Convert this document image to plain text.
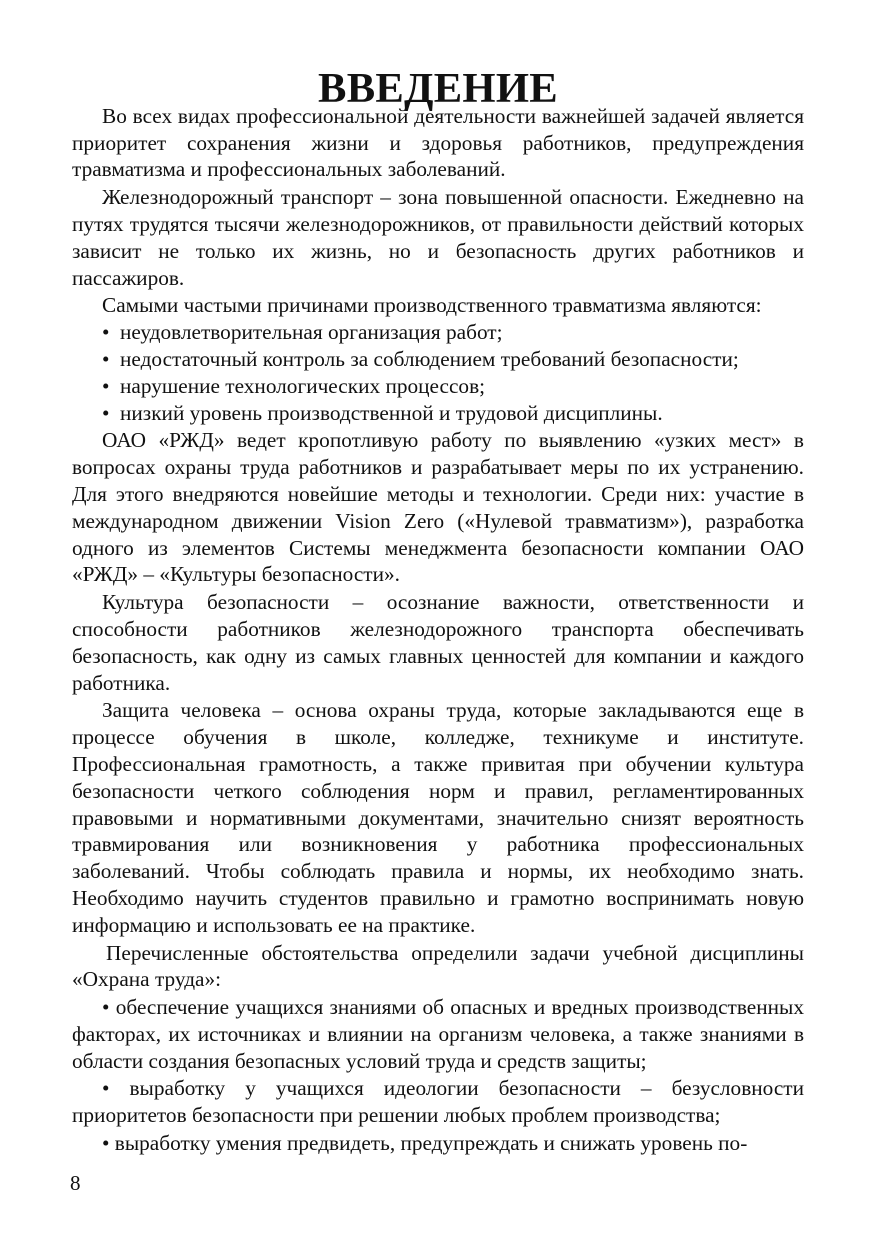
ВВЕДЕНИЕ

Во всех видах профессиональной деятельности важнейшей задачей является приоритет сохранения жизни и здоровья работников, предупреждения травматизма и профессиональных заболеваний.

Железнодорожный транспорт – зона повышенной опасности. Ежедневно на путях трудятся тысячи железнодорожников, от правильности действий которых зависит не только их жизнь, но и безопасность других работников и пассажиров.

Самыми частыми причинами производственного травматизма являются:

• неудовлетворительная организация работ;

• недостаточный контроль за соблюдением требований безопасности;

• нарушение технологических процессов;

• низкий уровень производственной и трудовой дисциплины.

ОАО «РЖД» ведет кропотливую работу по выявлению «узких мест» в вопросах охраны труда работников и разрабатывает меры по их устранению. Для этого внедряются новейшие методы и технологии. Среди них: участие в международном движении Vision Zero («Нулевой травматизм»), разработка одного из элементов Системы менеджмента безопасности компании ОАО «РЖД» – «Культуры безопасности».

Культура безопасности – осознание важности, ответственности и способности работников железнодорожного транспорта обеспечивать безопасность, как одну из самых главных ценностей для компании и каждого работника.

Защита человека – основа охраны труда, которые закладываются еще в процессе обучения в школе, колледже, техникуме и институте. Профессиональная грамотность, а также привитая при обучении культура безопасности четкого соблюдения норм и правил, регламентированных правовыми и нормативными документами, значительно снизят вероятность травмирования или возникновения у работника профессиональных заболеваний. Чтобы соблюдать правила и нормы, их необходимо знать. Необходимо научить студентов правильно и грамотно воспринимать новую информацию и использовать ее на практике.

Перечисленные обстоятельства определили задачи учебной дисциплины «Охрана труда»:

• обеспечение учащихся знаниями об опасных и вредных производственных факторах, их источниках и влиянии на организм человека, а также знаниями в области создания безопасных условий труда и средств защиты;

• выработку у учащихся идеологии безопасности – безусловности приоритетов безопасности при решении любых проблем производства;

• выработку умения предвидеть, предупреждать и снижать уровень по-

8
